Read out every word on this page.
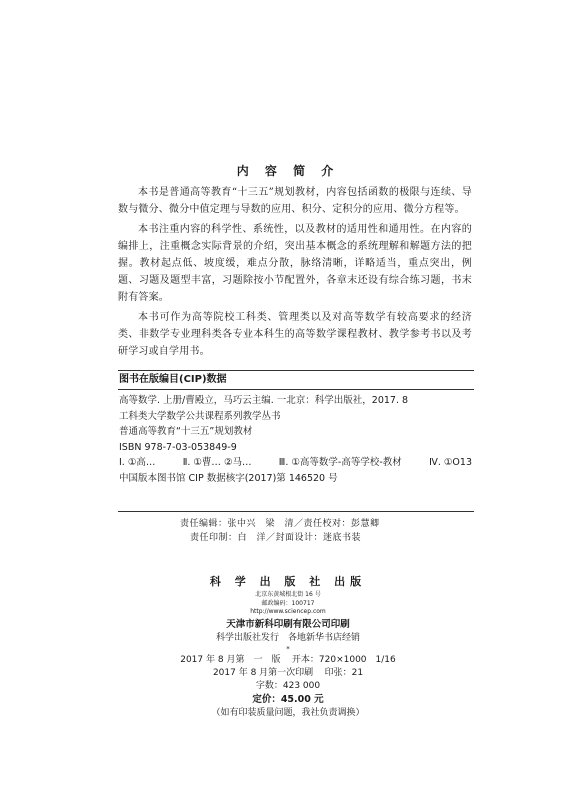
内 容 简 介

本书是普通高等教育“十三五”规划教材，内容包括函数的极限与连续、导数与微分、微分中值定理与导数的应用、积分、定积分的应用、微分方程等。

本书注重内容的科学性、系统性，以及教材的适用性和通用性。在内容的编排上，注重概念实际背景的介绍，突出基本概念的系统理解和解题方法的把握。教材起点低、坡度缓，难点分散，脉络清晰，详略适当，重点突出，例题、习题及题型丰富，习题除按小节配置外，各章末还设有综合练习题，书末附有答案。

本书可作为高等院校工科类、管理类以及对高等数学有较高要求的经济类、非数学专业理科类各专业本科生的高等数学课程教材、教学参考书以及考研学习或自学用书。

图书在版编目(CIP)数据
高等数学. 上册/曹殿立，马巧云主编. 一北京：科学出版社，2017. 8
工科类大学数学公共课程系列教学丛书
普通高等教育“十三五”规划教材
ISBN 978-7-03-053849-9
Ⅰ. ①高…	Ⅱ. ①曹… ②马…	Ⅲ. ①高等数学-高等学校-教材	Ⅳ. ①O13
中国版本图书馆 CIP 数据核字(2017)第 146520 号
责任编辑：张中兴　梁　清／责任校对：彭慧卿
责任印制：白　洋／封面设计：迷底书装
科 学 出 版 社 出版
北京东黄城根北街 16 号
邮政编码：100717
http://www.sciencep.com
天津市新科印刷有限公司印刷
科学出版社发行　各地新华书店经销
*
2017 年 8 月第　一　版 开本：720×1000　1/16
2017 年 8 月第一次印刷 印张：21
字数：423 000
定价：45.00 元
（如有印装质量问题，我社负责调换）
